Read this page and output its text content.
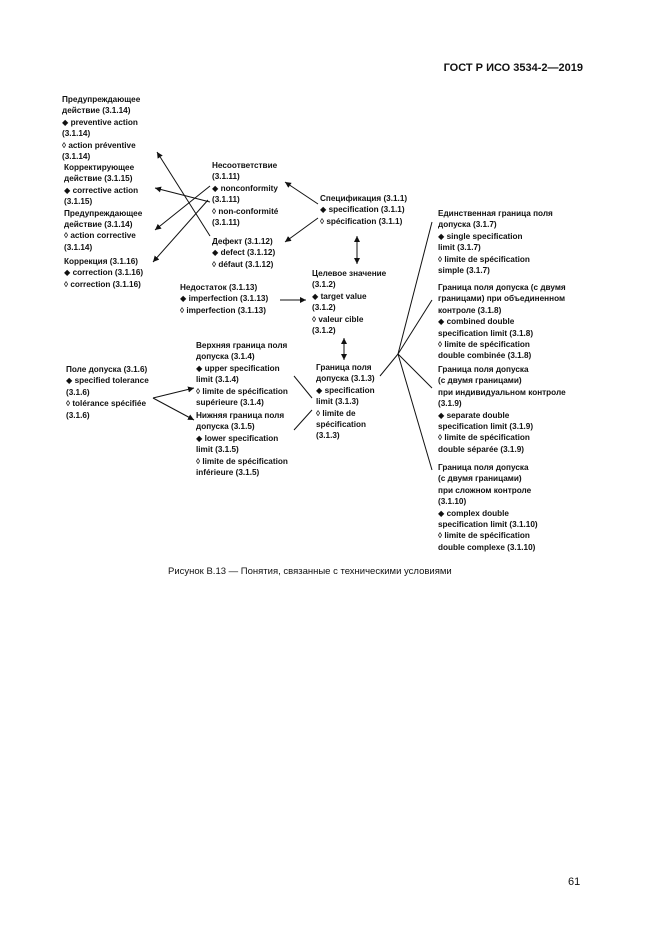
ГОСТ Р ИСО 3534-2—2019
Предупреждающее
действие (3.1.14)
◆ preventive action
(3.1.14)
◊ action préventive
(3.1.14)
Корректирующее
действие (3.1.15)
◆ corrective action
(3.1.15)
Предупреждающее
действие (3.1.14)
◊ action corrective
(3.1.14)
Коррекция (3.1.16)
◆ correction (3.1.16)
◊ correction (3.1.16)
Несоответствие
(3.1.11)
◆ nonconformity
(3.1.11)
◊ non-conformité
(3.1.11)
Дефект (3.1.12)
◆ defect (3.1.12)
◊ défaut (3.1.12)
Спецификация (3.1.1)
◆ specification (3.1.1)
◊ spécification (3.1.1)
Недостаток (3.1.13)
◆ imperfection (3.1.13)
◊ imperfection (3.1.13)
Целевое значение
(3.1.2)
◆ target value
(3.1.2)
◊ valeur cible
(3.1.2)
Поле допуска (3.1.6)
◆ specified tolerance
(3.1.6)
◊ tolérance spécifiée
(3.1.6)
Верхняя граница поля
допуска (3.1.4)
◆ upper specification
limit (3.1.4)
◊ limite de spécification
supérieure (3.1.4)
Нижняя граница поля
допуска (3.1.5)
◆ lower specification
limit (3.1.5)
◊ limite de spécification
inférieure (3.1.5)
Граница поля
допуска (3.1.3)
◆ specification
limit (3.1.3)
◊ limite de
spécification
(3.1.3)
Единственная граница поля
допуска (3.1.7)
◆ single specification
limit (3.1.7)
◊ limite de spécification
simple (3.1.7)
Граница поля допуска (с двумя
границами) при объединенном
контроле (3.1.8)
◆ combined double
specification limit (3.1.8)
◊ limite de spécification
double combinée (3.1.8)
Граница поля допуска
(с двумя границами)
при индивидуальном контроле
(3.1.9)
◆ separate double
specification limit (3.1.9)
◊ limite de spécification
double séparée (3.1.9)
Граница поля допуска
(с двумя границами)
при сложном контроле
(3.1.10)
◆ complex double
specification limit (3.1.10)
◊ limite de spécification
double complexe (3.1.10)
Рисунок В.13 — Понятия, связанные с техническими условиями
61
